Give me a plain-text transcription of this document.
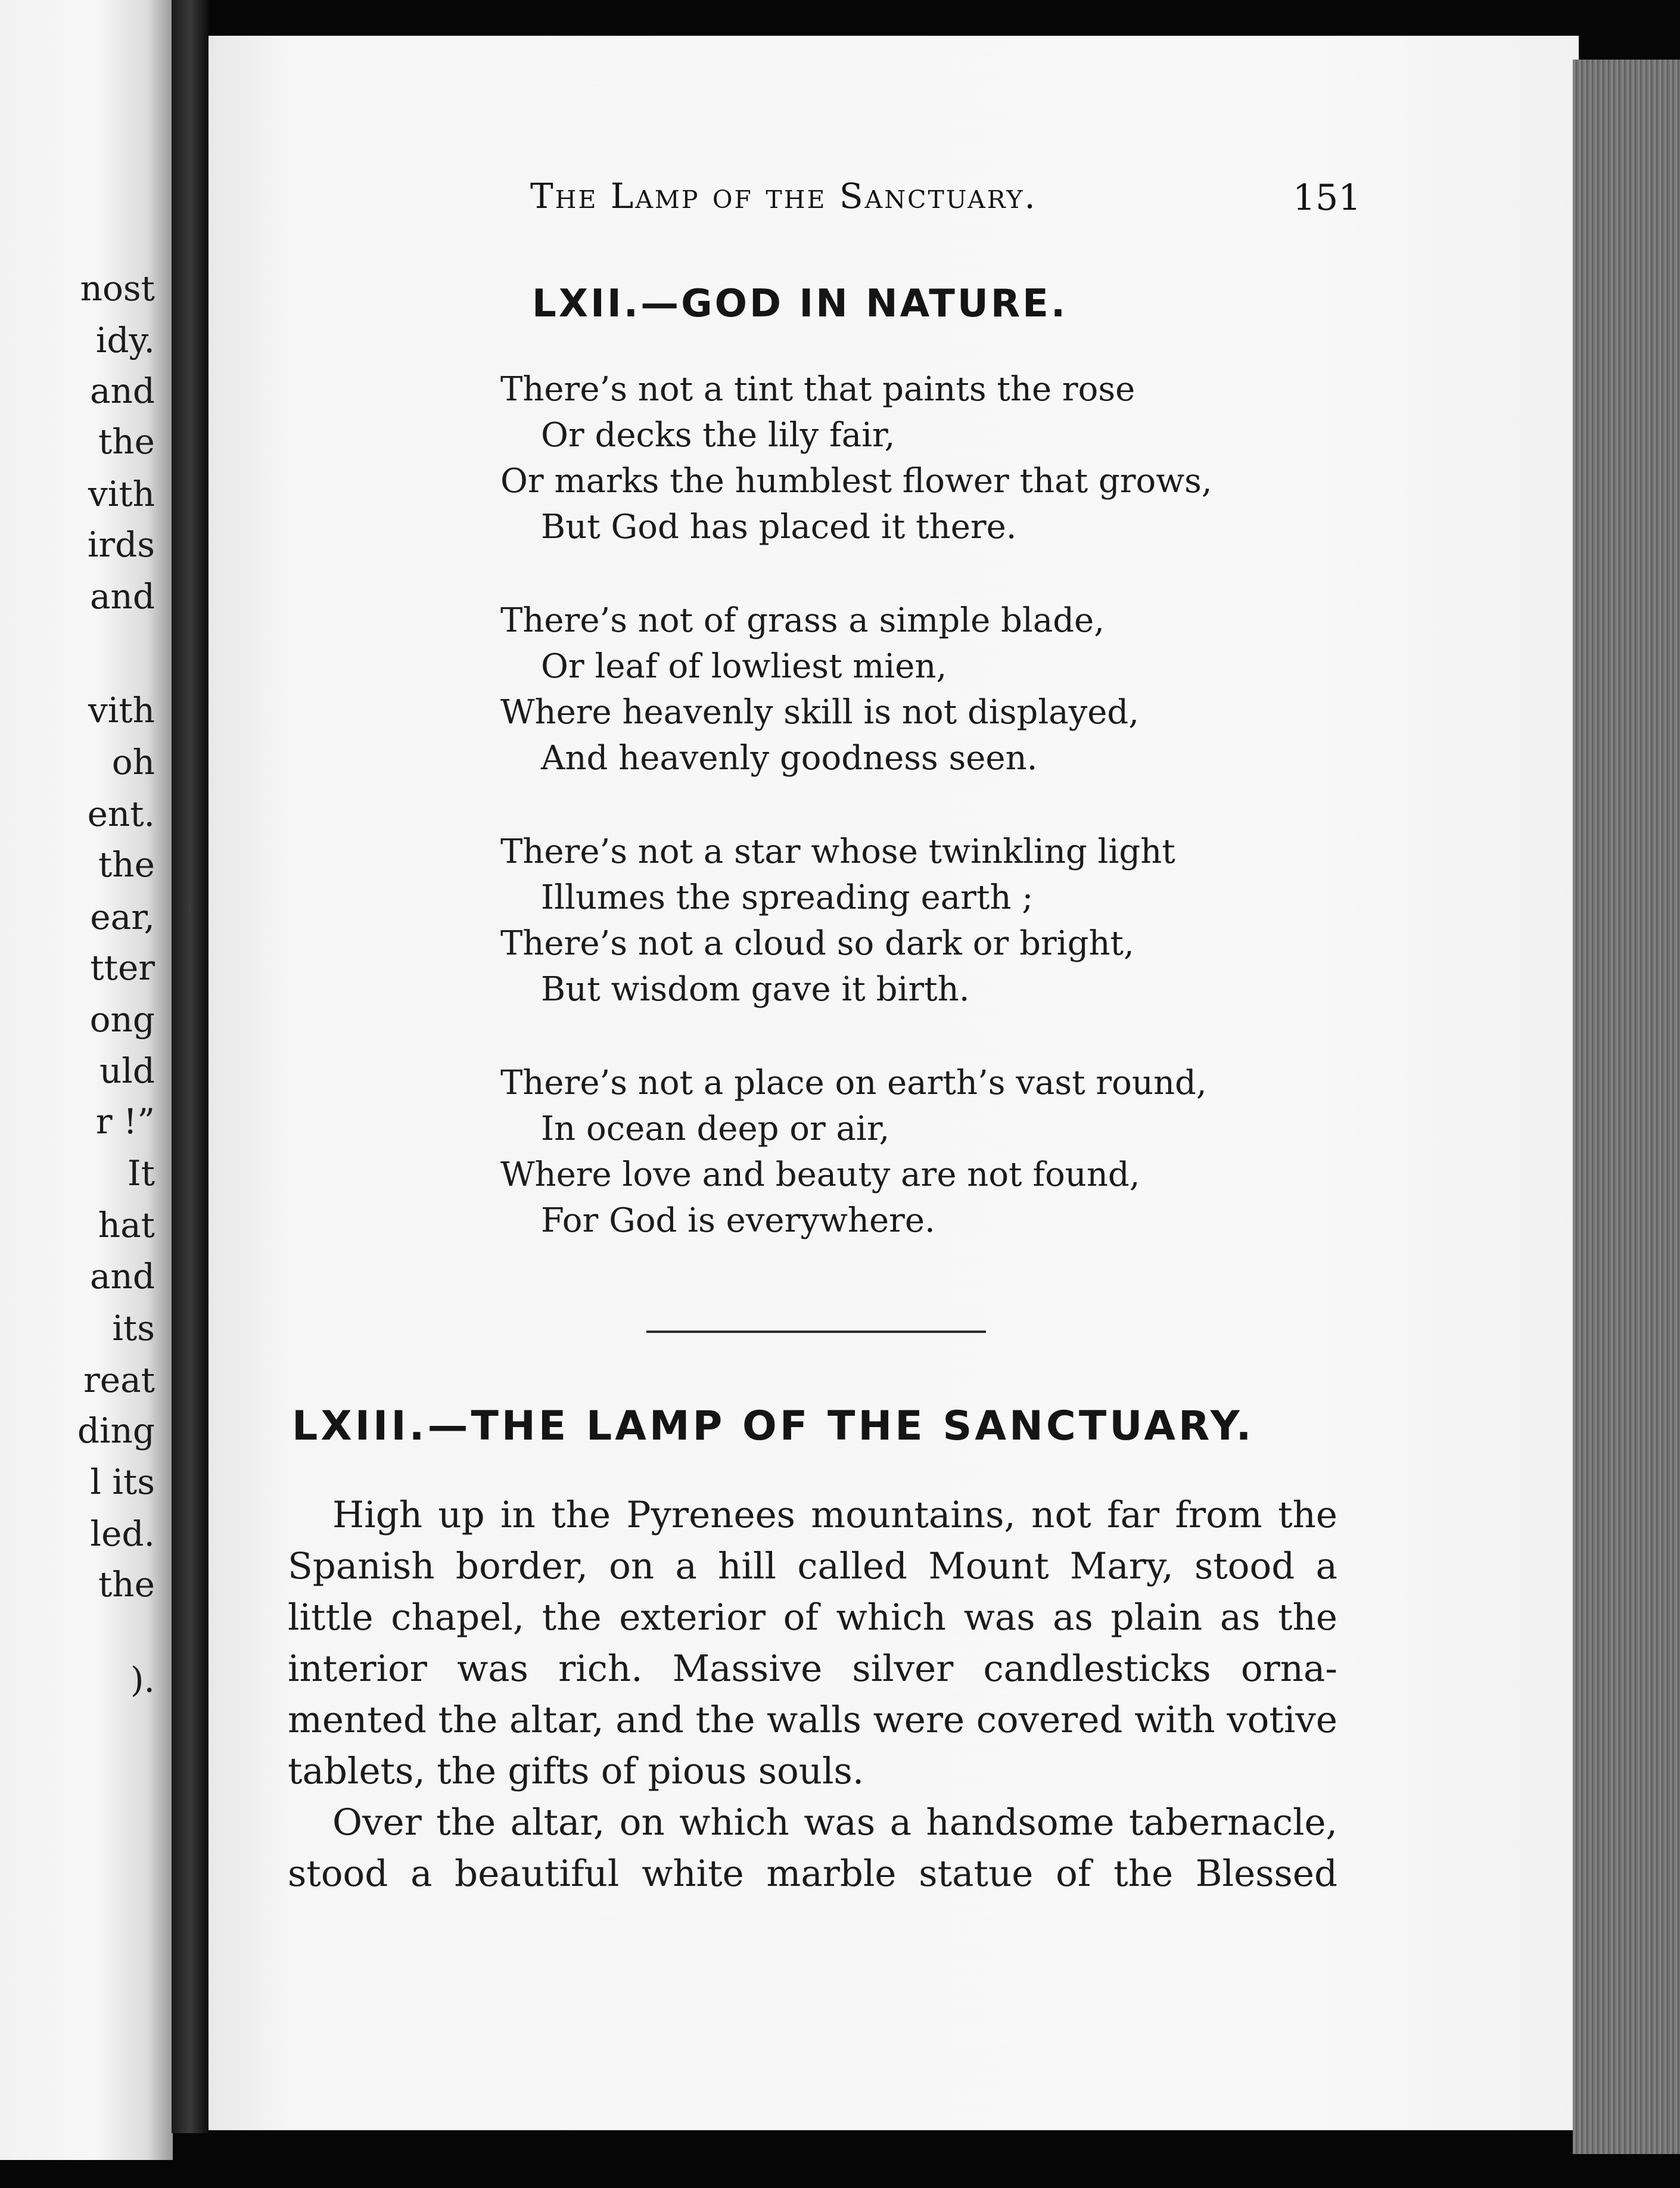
nost
idy.
and
the
vith
irds
and
vith
oh
ent.
the
ear,
tter
ong
uld
r !”
It
hat
and
its
reat
ding
l its
led.
the
).
The Lamp of the Sanctuary.	151
LXII.—GOD IN NATURE.
There’s not a tint that paints the rose
Or decks the lily fair,
Or marks the humblest flower that grows,
But God has placed it there.
There’s not of grass a simple blade,
Or leaf of lowliest mien,
Where heavenly skill is not displayed,
And heavenly goodness seen.
There’s not a star whose twinkling light
Illumes the spreading earth ;
There’s not a cloud so dark or bright,
But wisdom gave it birth.
There’s not a place on earth’s vast round,
In ocean deep or air,
Where love and beauty are not found,
For God is everywhere.
LXIII.—THE LAMP OF THE SANCTUARY.
High up in the Pyrenees mountains, not far from the
Spanish border, on a hill called Mount Mary, stood a
little chapel, the exterior of which was as plain as the
interior was rich. Massive silver candlesticks orna-
mented the altar, and the walls were covered with votive
tablets, the gifts of pious souls.
Over the altar, on which was a handsome tabernacle,
stood a beautiful white marble statue of the Blessed
